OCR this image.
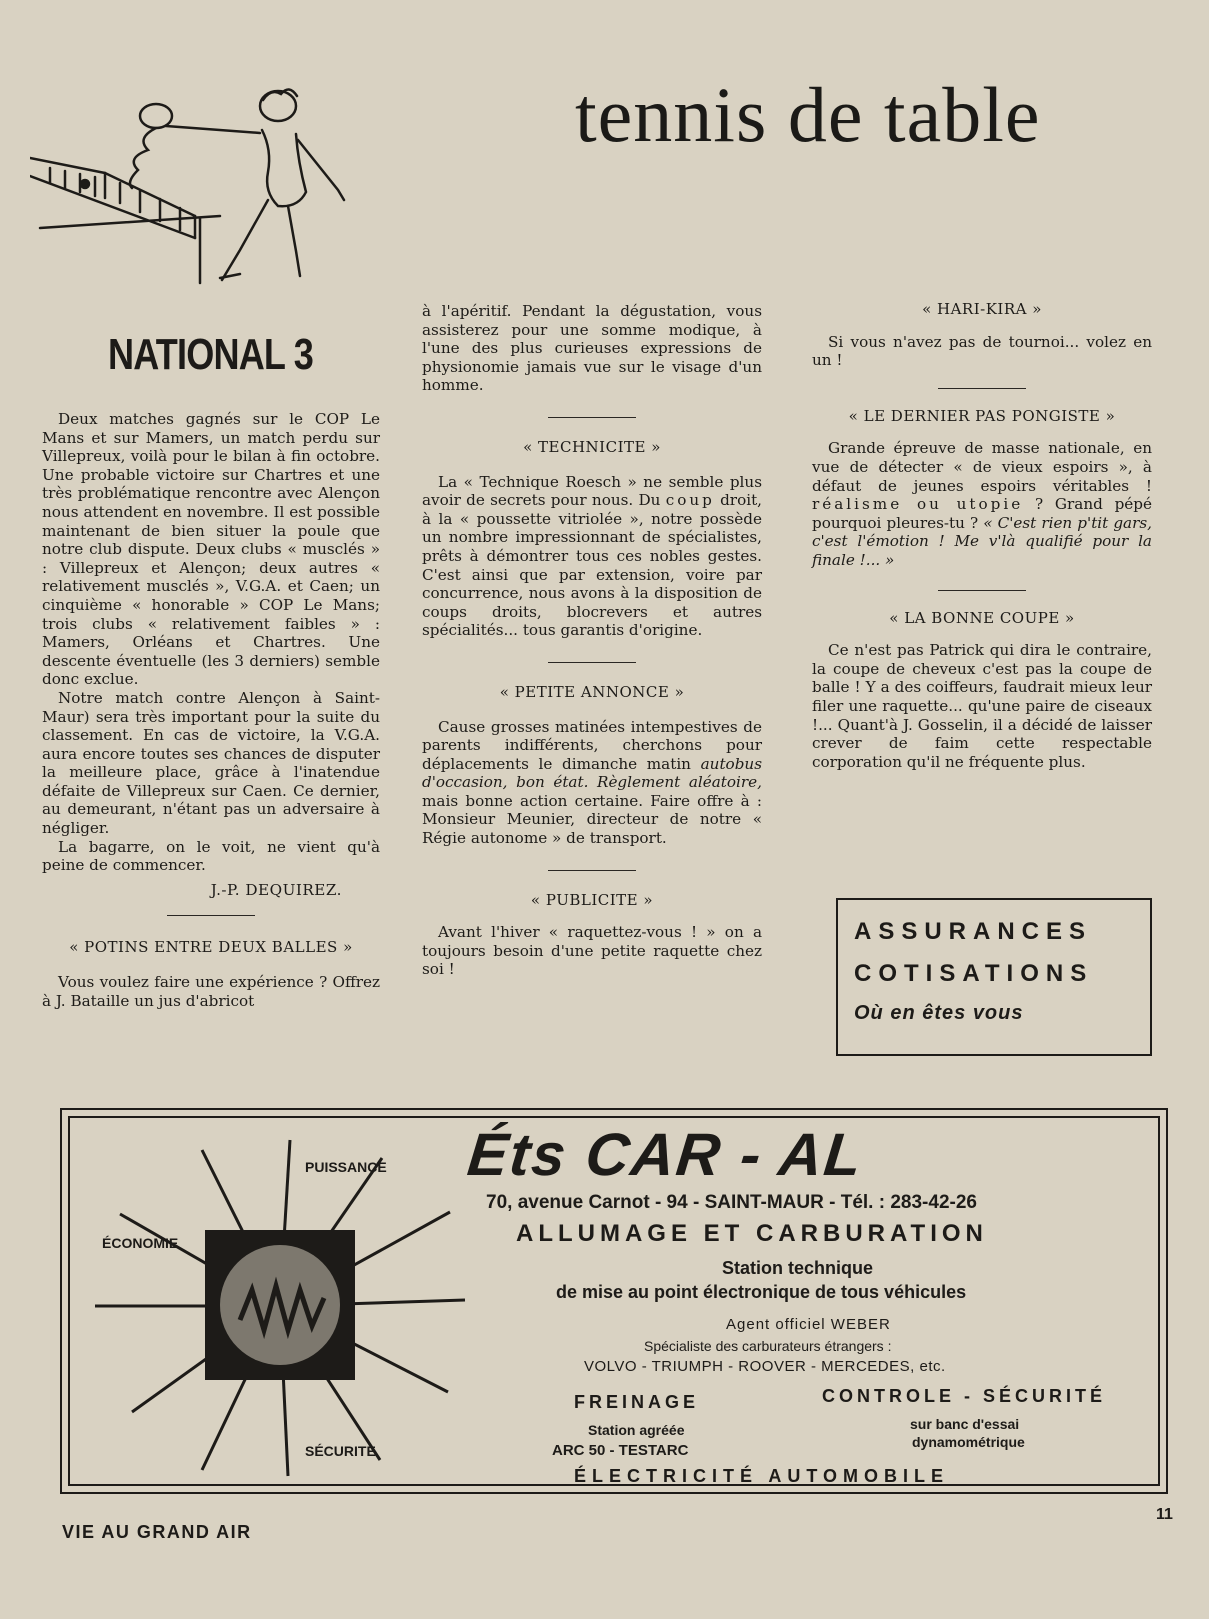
tennis de table
NATIONAL 3

Deux matches gagnés sur le COP Le Mans et sur Mamers, un match perdu sur Villepreux, voilà pour le bilan à fin octobre. Une probable victoire sur Chartres et une très problématique rencontre avec Alençon nous attendent en novembre. Il est possible maintenant de bien situer la poule que notre club dispute. Deux clubs « musclés » : Villepreux et Alençon; deux autres « relativement musclés », V.G.A. et Caen; un cinquième « honorable » COP Le Mans; trois clubs « relativement faibles » : Mamers, Orléans et Chartres. Une descente éventuelle (les 3 derniers) semble donc exclue.

Notre match contre Alençon à Saint-Maur) sera très important pour la suite du classement. En cas de victoire, la V.G.A. aura encore toutes ses chances de disputer la meilleure place, grâce à l'inatendue défaite de Villepreux sur Caen. Ce dernier, au demeurant, n'étant pas un adversaire à négliger.

La bagarre, on le voit, ne vient qu'à peine de commencer.

J.-P. DEQUIREZ.

« POTINS ENTRE DEUX BALLES »

Vous voulez faire une expérience ? Offrez à J. Bataille un jus d'abricot

à l'apéritif. Pendant la dégustation, vous assisterez pour une somme modique, à l'une des plus curieuses expressions de physionomie jamais vue sur le visage d'un homme.

« TECHNICITE »

La « Technique Roesch » ne semble plus avoir de secrets pour nous. Du coup droit, à la « poussette vitriolée », notre possède un nombre impressionnant de spécialistes, prêts à démontrer tous ces nobles gestes. C'est ainsi que par extension, voire par concurrence, nous avons à la disposition de coups droits, blocrevers et autres spécialités... tous garantis d'origine.

« PETITE ANNONCE »

Cause grosses matinées intempestives de parents indifférents, cherchons pour déplacements le dimanche matin autobus d'occasion, bon état. Règlement aléatoire, mais bonne action certaine. Faire offre à : Monsieur Meunier, directeur de notre « Régie autonome » de transport.

« PUBLICITE »

Avant l'hiver « raquettez-vous ! » on a toujours besoin d'une petite raquette chez soi !

« HARI-KIRA »

Si vous n'avez pas de tournoi... volez en un !

« LE DERNIER PAS PONGISTE »

Grande épreuve de masse nationale, en vue de détecter « de vieux espoirs », à défaut de jeunes espoirs véritables ! réalisme ou utopie ? Grand pépé pourquoi pleures-tu ? « C'est rien p'tit gars, c'est l'émotion ! Me v'là qualifié pour la finale !... »

« LA BONNE COUPE »

Ce n'est pas Patrick qui dira le contraire, la coupe de cheveux c'est pas la coupe de balle ! Y a des coiffeurs, faudrait mieux leur filer une raquette... qu'une paire de ciseaux !... Quant'à J. Gosselin, il a décidé de laisser crever de faim cette respectable corporation qu'il ne fréquente plus.

ASSURANCES
COTISATIONS
Où en êtes vous
PUISSANCE
ÉCONOMIE
SÉCURITE
Éts CAR - AL
70, avenue Carnot - 94 - SAINT-MAUR - Tél. : 283-42-26
ALLUMAGE ET CARBURATION
Station technique
de mise au point électronique de tous véhicules
Agent officiel WEBER
Spécialiste des carburateurs étrangers :
VOLVO - TRIUMPH - ROOVER - MERCEDES, etc.
FREINAGE
Station agréée
ARC 50 - TESTARC
CONTROLE - SÉCURITÉ
sur banc d'essai
dynamométrique
ÉLECTRICITÉ AUTOMOBILE
VIE AU GRAND AIR
11
